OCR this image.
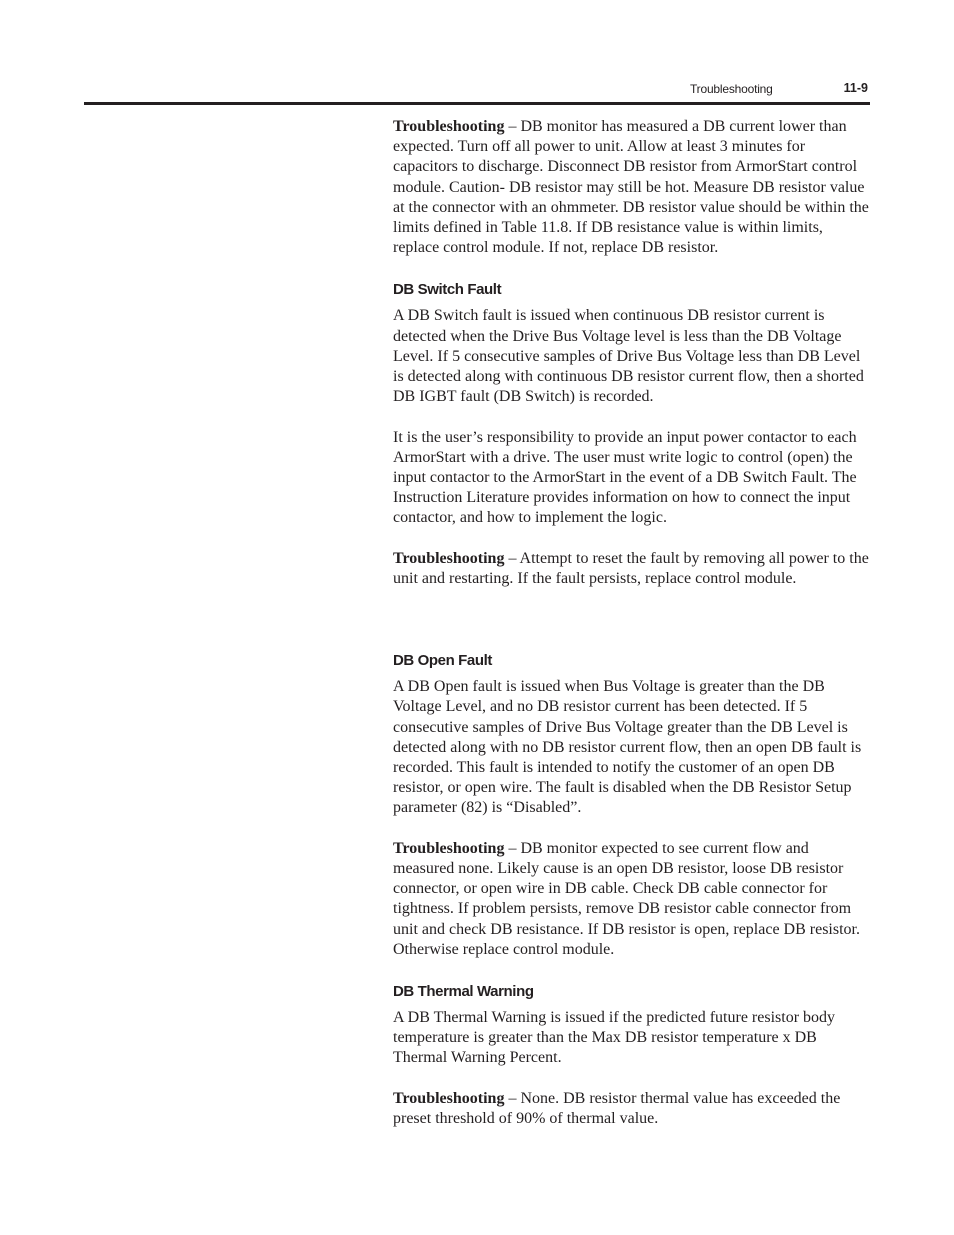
Troubleshooting	11-9

Troubleshooting – DB monitor has measured a DB current lower than expected. Turn off all power to unit. Allow at least 3 minutes for capacitors to discharge. Disconnect DB resistor from ArmorStart control module. Caution- DB resistor may still be hot. Measure DB resistor value at the connector with an ohmmeter. DB resistor value should be within the limits defined in Table 11.8. If DB resistance value is within limits, replace control module. If not, replace DB resistor.

DB Switch Fault

A DB Switch fault is issued when continuous DB resistor current is detected when the Drive Bus Voltage level is less than the DB Voltage Level. If 5 consecutive samples of Drive Bus Voltage less than DB Level is detected along with continuous DB resistor current flow, then a shorted DB IGBT fault (DB Switch) is recorded.

It is the user’s responsibility to provide an input power contactor to each ArmorStart with a drive. The user must write logic to control (open) the input contactor to the ArmorStart in the event of a DB Switch Fault. The Instruction Literature provides information on how to connect the input contactor, and how to implement the logic.

Troubleshooting – Attempt to reset the fault by removing all power to the unit and restarting. If the fault persists, replace control module.

DB Open Fault

A DB Open fault is issued when Bus Voltage is greater than the DB Voltage Level, and no DB resistor current has been detected. If 5 consecutive samples of Drive Bus Voltage greater than the DB Level is detected along with no DB resistor current flow, then an open DB fault is recorded. This fault is intended to notify the customer of an open DB resistor, or open wire. The fault is disabled when the DB Resistor Setup parameter (82) is “Disabled”.

Troubleshooting – DB monitor expected to see current flow and measured none. Likely cause is an open DB resistor, loose DB resistor connector, or open wire in DB cable. Check DB cable connector for tightness. If problem persists, remove DB resistor cable connector from unit and check DB resistance. If DB resistor is open, replace DB resistor. Otherwise replace control module.

DB Thermal Warning

A DB Thermal Warning is issued if the predicted future resistor body temperature is greater than the Max DB resistor temperature x DB Thermal Warning Percent.

Troubleshooting – None. DB resistor thermal value has exceeded the preset threshold of 90% of thermal value.
